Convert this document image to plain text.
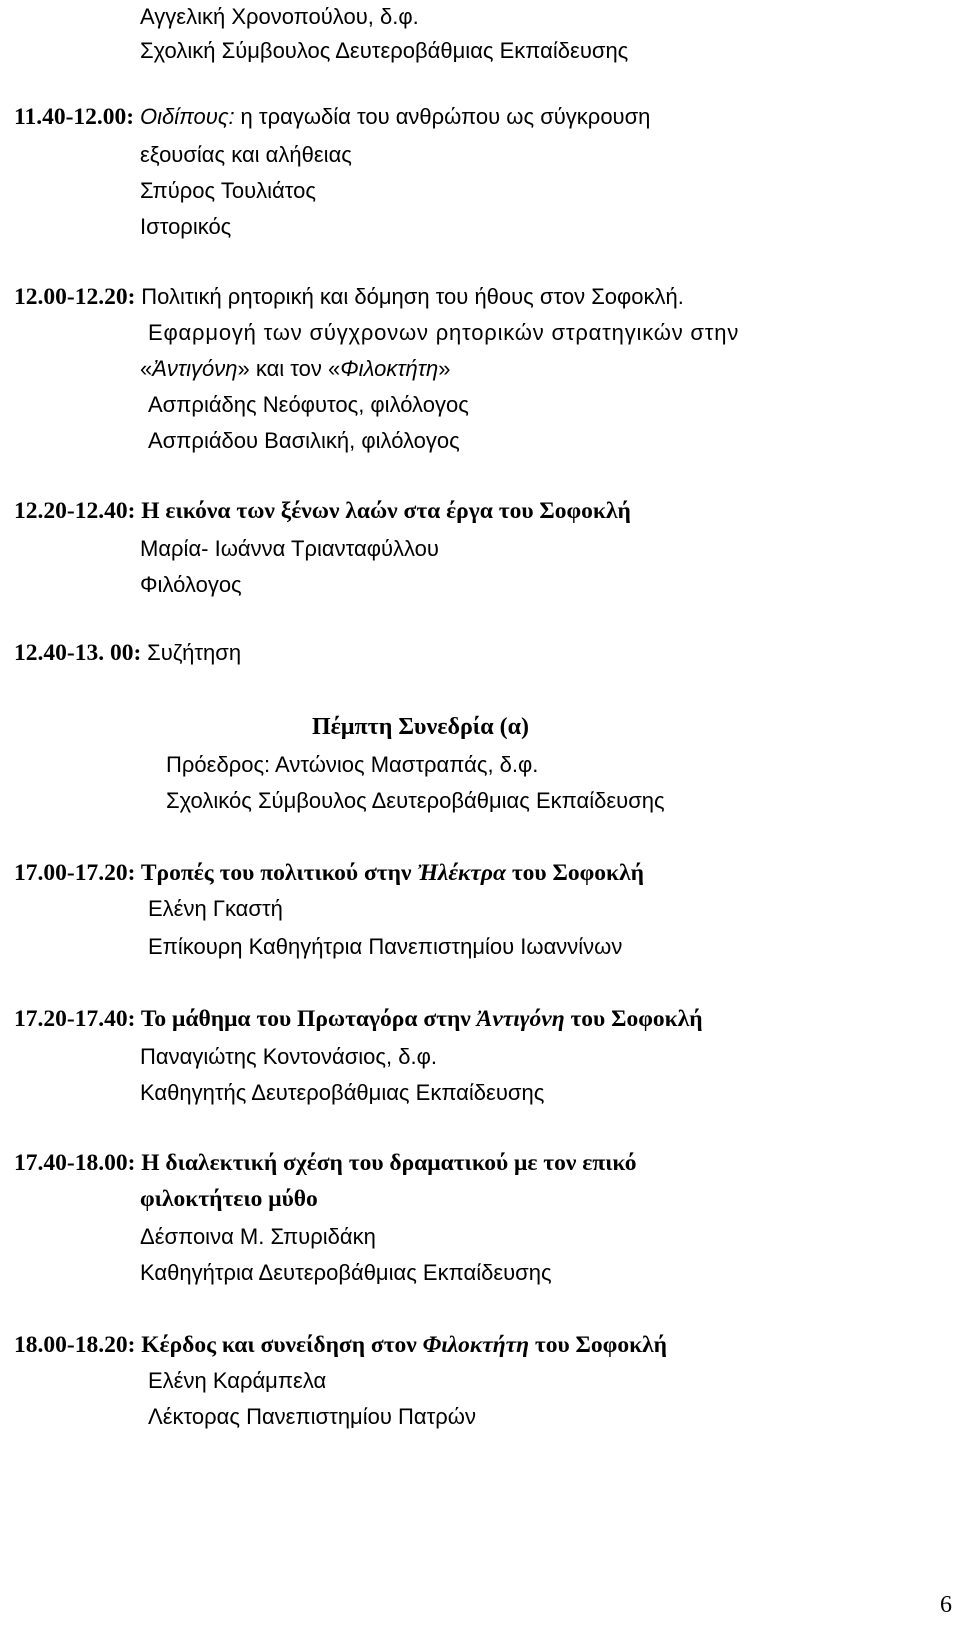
Αγγελική Χρονοπούλου, δ.φ.
Σχολική Σύμβουλος Δευτεροβάθμιας Εκπαίδευσης
11.40-12.00: Οιδίπους: η τραγωδία του ανθρώπου ως σύγκρουση
εξουσίας και αλήθειας
Σπύρος Τουλιάτος
Ιστορικός
12.00-12.20: Πολιτική ρητορική και δόμηση του ήθους στον Σοφοκλή.
Εφαρμογή των σύγχρονων ρητορικών στρατηγικών στην
«Ἀντιγόνη» και τον «Φιλοκτήτη»
Ασπριάδης Νεόφυτος, φιλόλογος
Ασπριάδου Βασιλική, φιλόλογος
12.20-12.40: Η εικόνα των ξένων λαών στα έργα του Σοφοκλή
Μαρία- Ιωάννα Τριανταφύλλου
Φιλόλογος
12.40-13. 00: Συζήτηση
Πέμπτη Συνεδρία (α)
Πρόεδρος: Αντώνιος Μαστραπάς, δ.φ.
Σχολικός Σύμβουλος Δευτεροβάθμιας Εκπαίδευσης
17.00-17.20: Τροπές του πολιτικού στην Ἠλέκτρα του Σοφοκλή
Ελένη Γκαστή
Επίκουρη Καθηγήτρια Πανεπιστημίου Ιωαννίνων
17.20-17.40: Το μάθημα του Πρωταγόρα στην Ἀντιγόνη του Σοφοκλή
Παναγιώτης Κοντονάσιος, δ.φ.
Καθηγητής Δευτεροβάθμιας Εκπαίδευσης
17.40-18.00: Η διαλεκτική σχέση του δραματικού με τον επικό
φιλοκτήτειο μύθο
Δέσποινα Μ. Σπυριδάκη
Καθηγήτρια Δευτεροβάθμιας Εκπαίδευσης
18.00-18.20: Κέρδος και συνείδηση στον Φιλοκτήτη του Σοφοκλή
Ελένη Καράμπελα
Λέκτορας Πανεπιστημίου Πατρών
6
